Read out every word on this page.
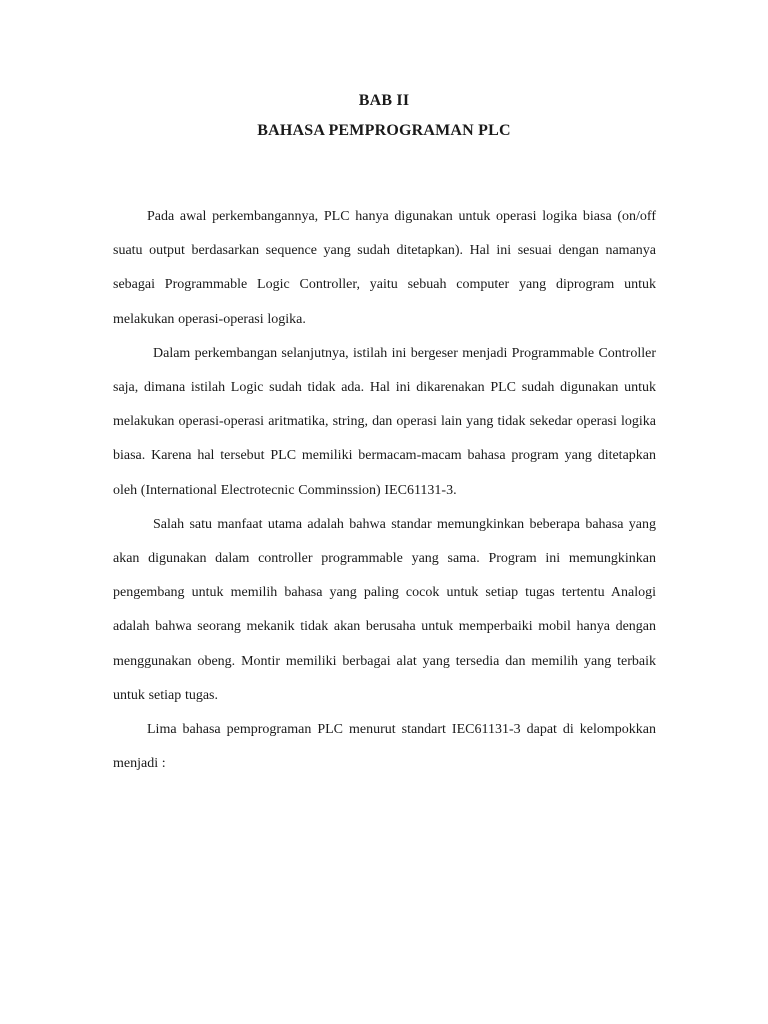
BAB II
BAHASA PEMPROGRAMAN PLC

Pada awal perkembangannya, PLC hanya digunakan untuk operasi logika biasa (on/off suatu output berdasarkan sequence yang sudah ditetapkan). Hal ini sesuai dengan namanya sebagai Programmable Logic Controller, yaitu sebuah computer yang diprogram untuk melakukan operasi-operasi logika.

Dalam perkembangan selanjutnya, istilah ini bergeser menjadi Programmable Controller saja, dimana istilah Logic sudah tidak ada. Hal ini dikarenakan PLC sudah digunakan untuk melakukan operasi-operasi aritmatika, string, dan operasi lain yang tidak sekedar operasi logika biasa. Karena hal tersebut PLC memiliki bermacam-macam bahasa program yang ditetapkan oleh (International Electrotecnic Comminssion) IEC61131-3.

Salah satu manfaat utama adalah bahwa standar memungkinkan beberapa bahasa yang akan digunakan dalam controller programmable yang sama. Program ini memungkinkan pengembang untuk memilih bahasa yang paling cocok untuk setiap tugas tertentu Analogi adalah bahwa seorang mekanik tidak akan berusaha untuk memperbaiki mobil hanya dengan menggunakan obeng. Montir memiliki berbagai alat yang tersedia dan memilih yang terbaik untuk setiap tugas.

Lima bahasa pemprograman PLC menurut standart IEC61131-3 dapat di kelompokkan menjadi :
